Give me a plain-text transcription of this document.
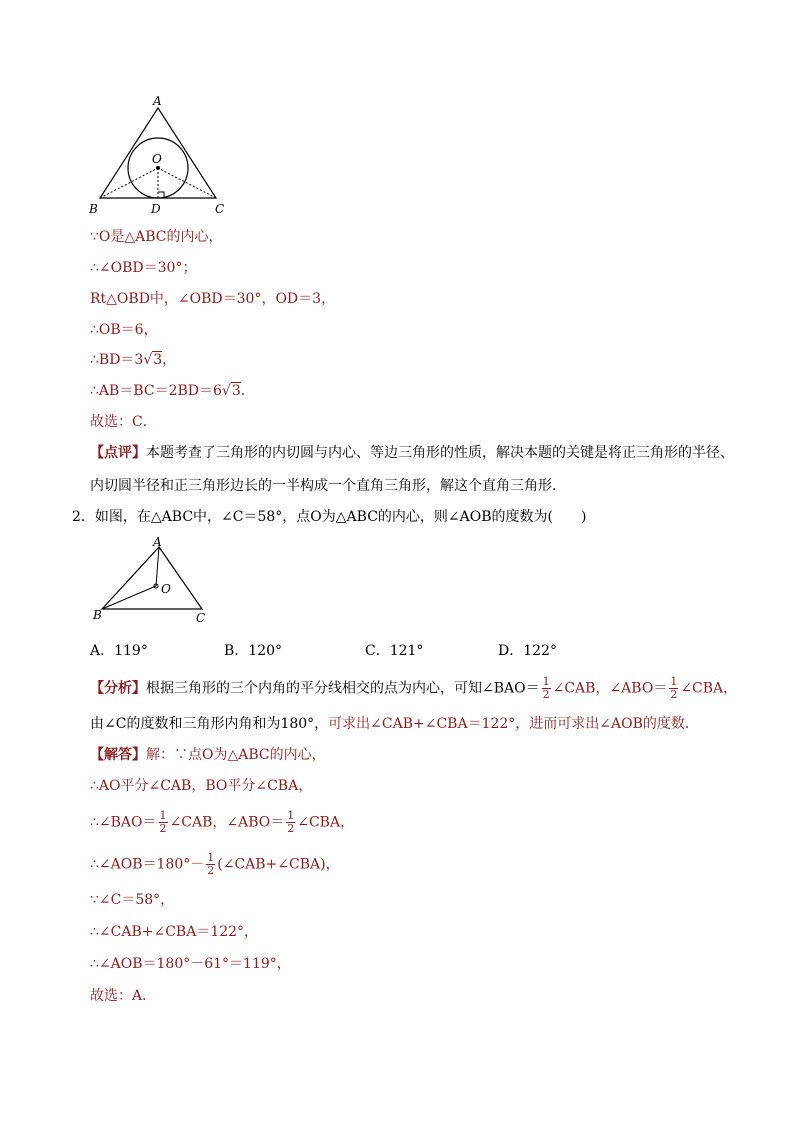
A
O
B	D	C
∵O是△ABC的内心，
∴∠OBD＝30°；
Rt△OBD中，∠OBD＝30°，OD＝3，
∴OB＝6，
∴BD＝3√3，
∴AB＝BC＝2BD＝6√3．
故选：C．
【点评】本题考查了三角形的内切圆与内心、等边三角形的性质，解决本题的关键是将正三角形的半径、
内切圆半径和正三角形边长的一半构成一个直角三角形，解这个直角三角形．
2．如图，在△ABC中，∠C＝58°，点O为△ABC的内心，则∠AOB的度数为(　　)
A
O
B	C
A．119°	B．120°	C．121°	D．122°
【分析】根据三角形的三个内角的平分线相交的点为内心，可知∠BAO＝ $\frac{1}{2}$ ∠CAB，∠ABO＝ $\frac{1}{2}$ ∠CBA，
由∠C的度数和三角形内角和为180°，可求出∠CAB+∠CBA＝122°，进而可求出∠AOB的度数．
【解答】解：∵点O为△ABC的内心，
∴AO平分∠CAB，BO平分∠CBA，
∴∠BAO＝ $\frac{1}{2}$ ∠CAB，∠ABO＝ $\frac{1}{2}$ ∠CBA，
∴∠AOB＝180°－ $\frac{1}{2}$ (∠CAB+∠CBA)，
∵∠C＝58°，
∴∠CAB+∠CBA＝122°，
∴∠AOB＝180°－61°＝119°，
故选：A．
